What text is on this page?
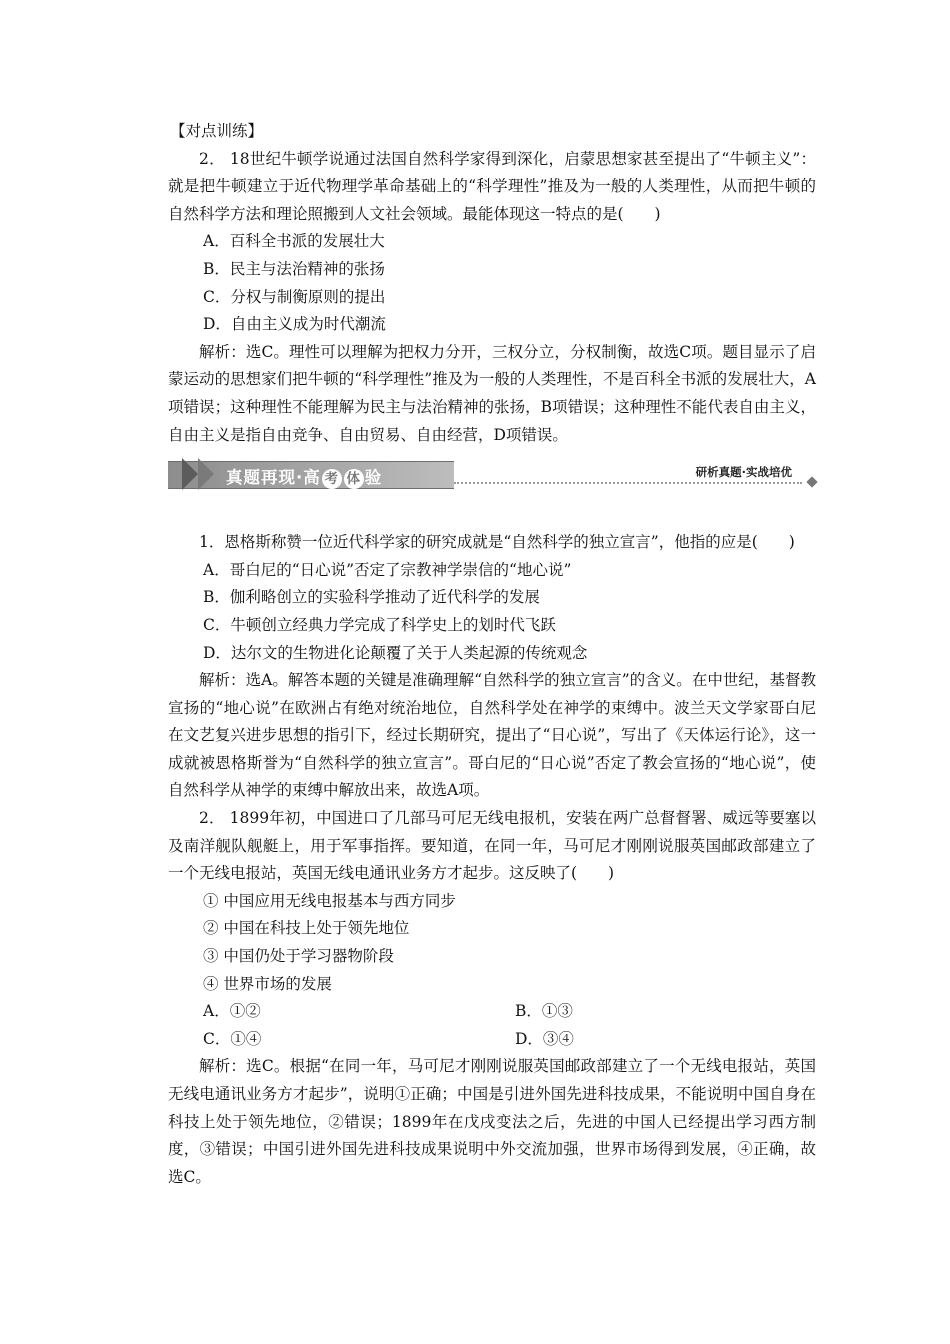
【对点训练】

2． 18世纪牛顿学说通过法国自然科学家得到深化，启蒙思想家甚至提出了“牛顿主义”：就是把牛顿建立于近代物理学革命基础上的“科学理性”推及为一般的人类理性，从而把牛顿的自然科学方法和理论照搬到人文社会领域。最能体现这一特点的是(　　)

A．百科全书派的发展壮大

B．民主与法治精神的张扬

C．分权与制衡原则的提出

D．自由主义成为时代潮流

解析：选C。理性可以理解为把权力分开，三权分立，分权制衡，故选C项。题目显示了启蒙运动的思想家们把牛顿的“科学理性”推及为一般的人类理性，不是百科全书派的发展壮大，A项错误；这种理性不能理解为民主与法治精神的张扬，B项错误；这种理性不能代表自由主义，自由主义是指自由竞争、自由贸易、自由经营，D项错误。

真题再现·高 考 体 验	研析真题·实战培优

1．恩格斯称赞一位近代科学家的研究成就是“自然科学的独立宣言”，他指的应是(　　)

A．哥白尼的“日心说”否定了宗教神学崇信的“地心说”

B．伽利略创立的实验科学推动了近代科学的发展

C．牛顿创立经典力学完成了科学史上的划时代飞跃

D．达尔文的生物进化论颠覆了关于人类起源的传统观念

解析：选A。解答本题的关键是准确理解“自然科学的独立宣言”的含义。在中世纪，基督教宣扬的“地心说”在欧洲占有绝对统治地位，自然科学处在神学的束缚中。波兰天文学家哥白尼在文艺复兴进步思想的指引下，经过长期研究，提出了“日心说”，写出了《天体运行论》，这一成就被恩格斯誉为“自然科学的独立宣言”。哥白尼的“日心说”否定了教会宣扬的“地心说”，使自然科学从神学的束缚中解放出来，故选A项。

2． 1899年初，中国进口了几部马可尼无线电报机，安装在两广总督督署、威远等要塞以及南洋舰队舰艇上，用于军事指挥。要知道，在同一年，马可尼才刚刚说服英国邮政部建立了一个无线电报站，英国无线电通讯业务方才起步。这反映了(　　)

① 中国应用无线电报基本与西方同步

② 中国在科技上处于领先地位

③ 中国仍处于学习器物阶段

④ 世界市场的发展

A．①②	B．①③
C．①④	D．③④

解析：选C。根据“在同一年，马可尼才刚刚说服英国邮政部建立了一个无线电报站，英国无线电通讯业务方才起步”，说明①正确；中国是引进外国先进科技成果，不能说明中国自身在科技上处于领先地位，②错误；1899年在戊戌变法之后，先进的中国人已经提出学习西方制度，③错误；中国引进外国先进科技成果说明中外交流加强，世界市场得到发展，④正确，故选C。
